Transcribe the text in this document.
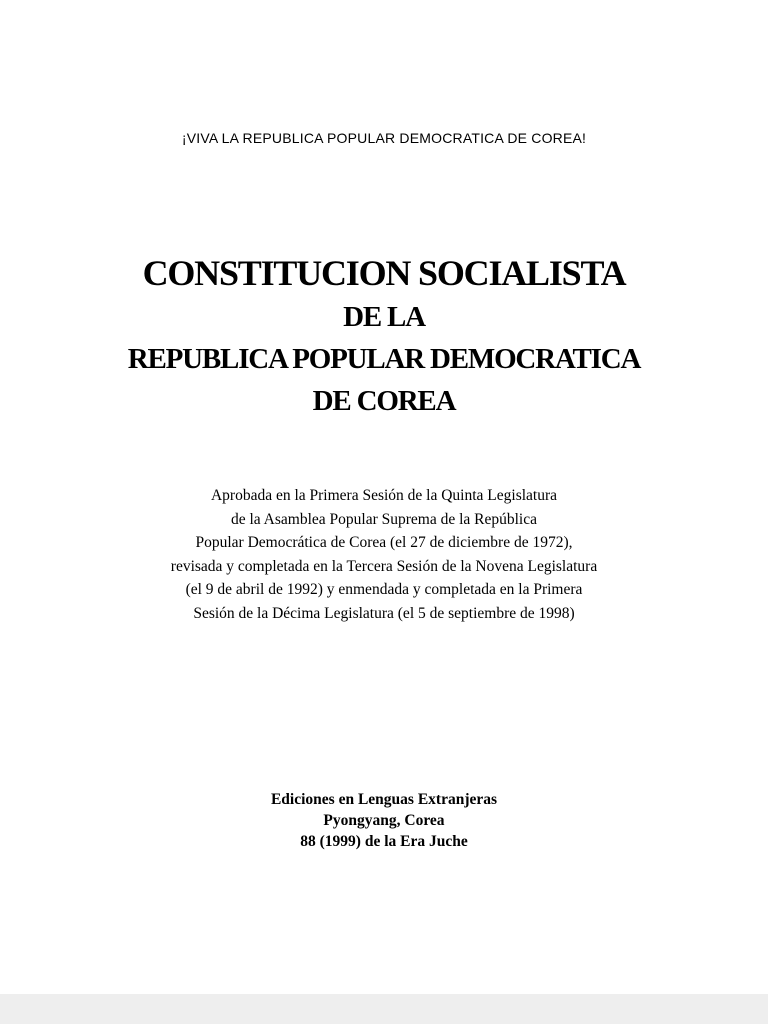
¡VIVA LA REPUBLICA POPULAR DEMOCRATICA DE COREA!
CONSTITUCION SOCIALISTA
DE LA
REPUBLICA POPULAR DEMOCRATICA
DE COREA
Aprobada en la Primera Sesión de la Quinta Legislatura
de la Asamblea Popular Suprema de la República
Popular Democrática de Corea (el 27 de diciembre de 1972),
revisada y completada en la Tercera Sesión de la Novena Legislatura
(el 9 de abril de 1992) y enmendada y completada en la Primera
Sesión de la Décima Legislatura (el 5 de septiembre de 1998)
Ediciones en Lenguas Extranjeras
Pyongyang, Corea
88 (1999) de la Era Juche
